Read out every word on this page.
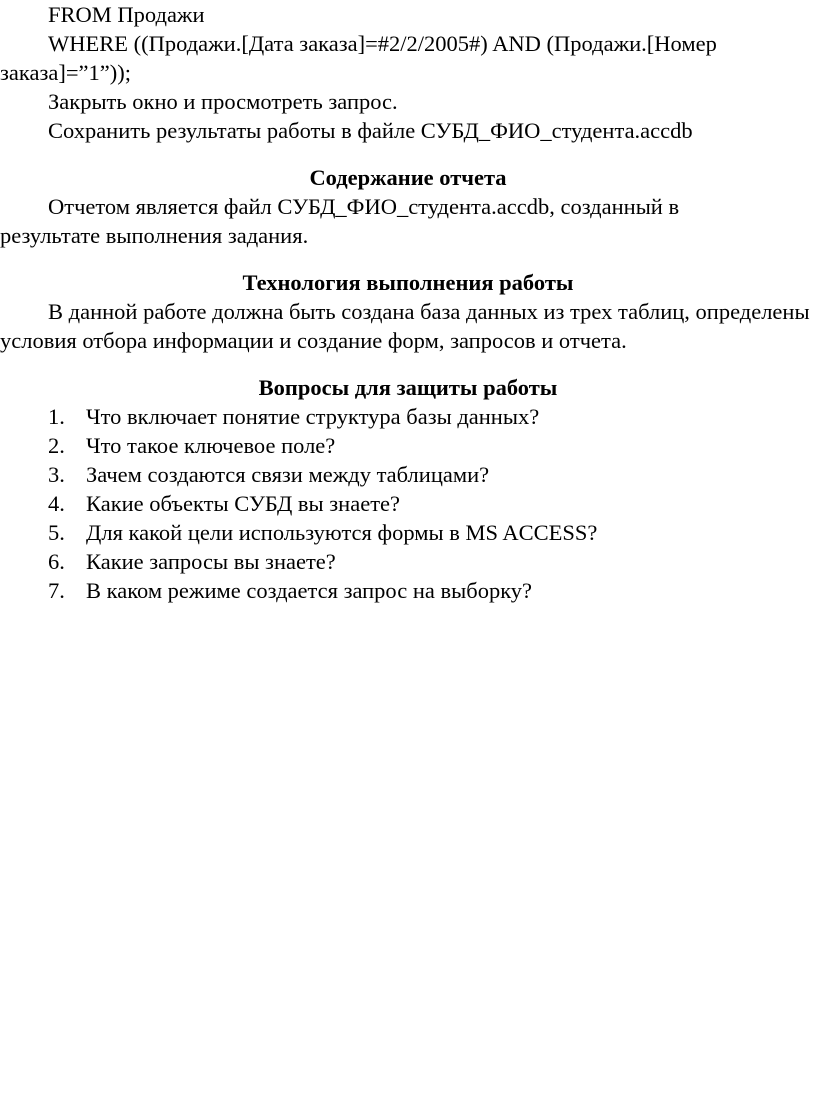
FROM Продажи

WHERE ((Продажи.[Дата заказа]=#2/2/2005#) AND (Продажи.[Номер заказа]=”1”));

Закрыть окно и просмотреть запрос.

Сохранить результаты работы в файле СУБД_ФИО_студента.accdb

Содержание отчета

Отчетом является файл СУБД_ФИО_студента.accdb, созданный в результате выполнения задания.

Технология выполнения работы

В данной работе должна быть создана база данных из трех таблиц, определены условия отбора информации и создание форм, запросов и отчета.

Вопросы для защиты работы

1. Что включает понятие структура базы данных?
2. Что такое ключевое поле?
3. Зачем создаются связи между таблицами?
4. Какие объекты СУБД вы знаете?
5. Для какой цели используются формы в MS ACCESS?
6. Какие запросы вы знаете?
7. В каком режиме создается запрос на выборку?
